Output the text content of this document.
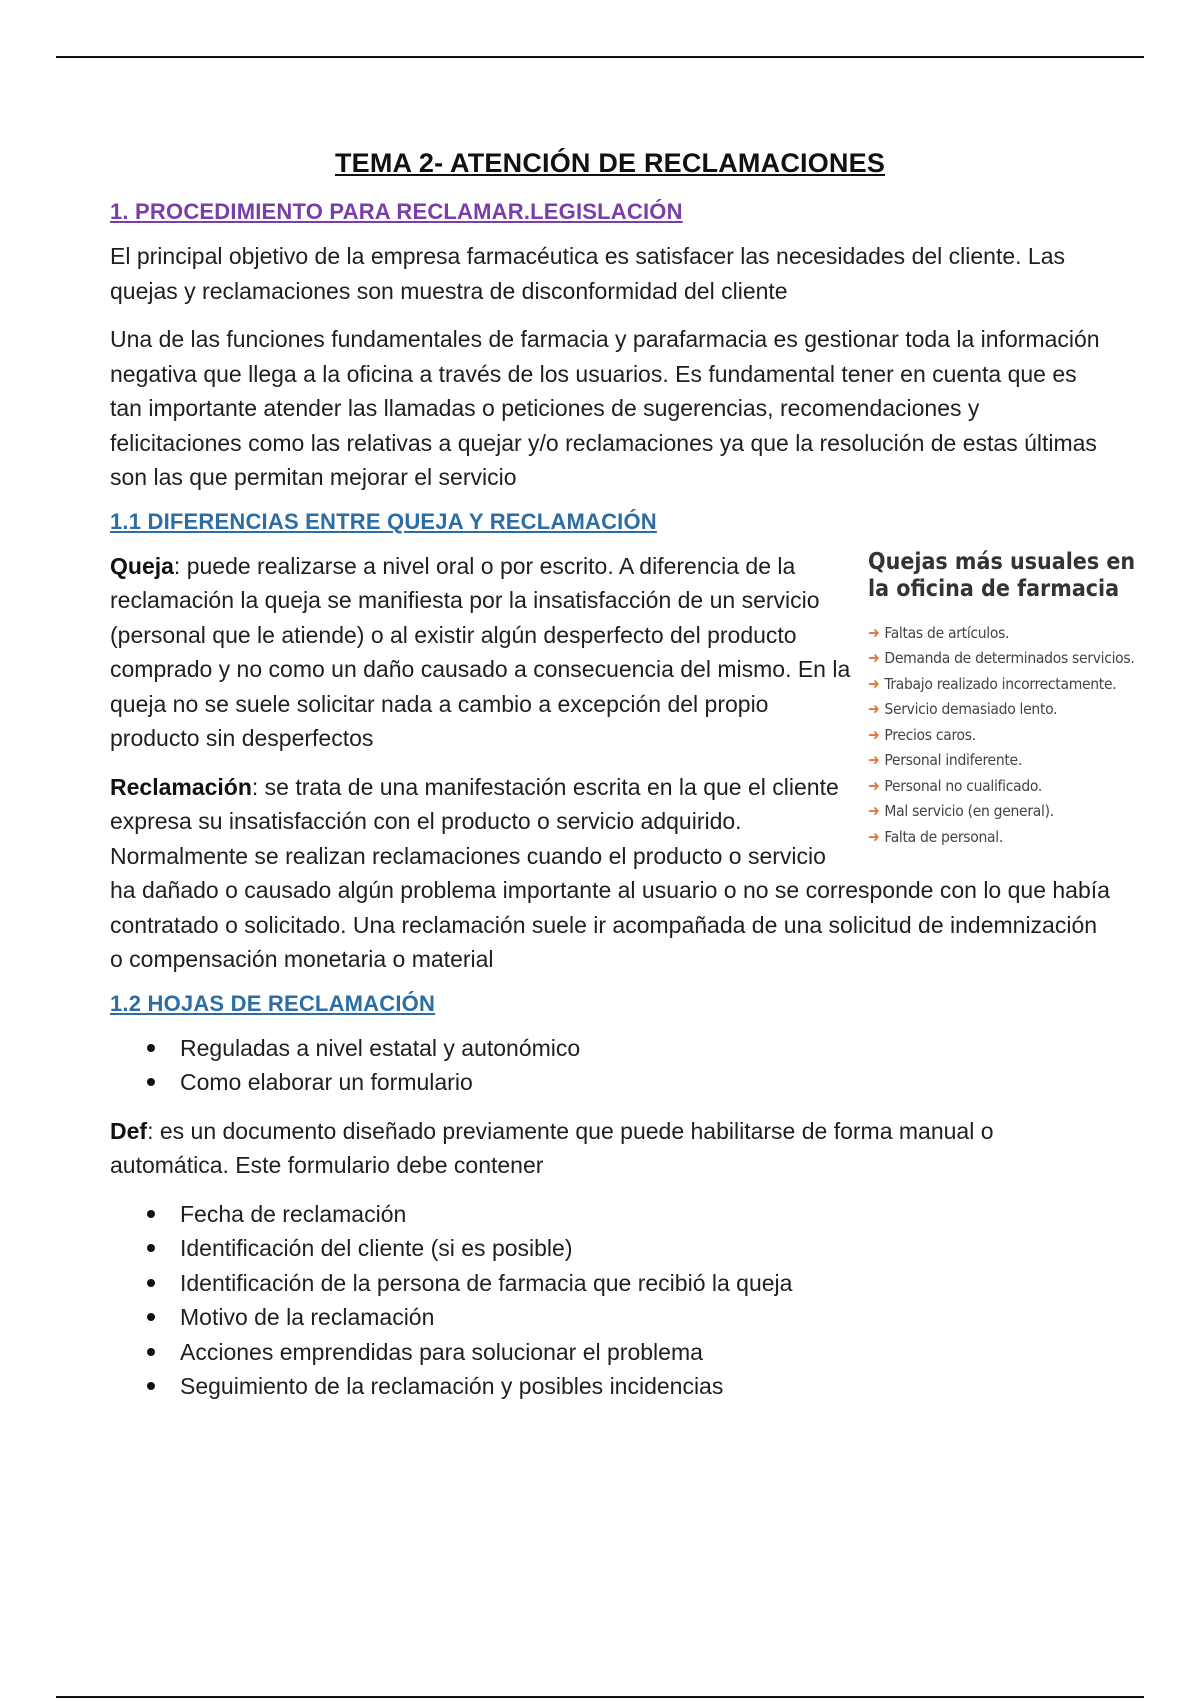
TEMA 2- ATENCIÓN DE RECLAMACIONES
1. PROCEDIMIENTO PARA RECLAMAR.LEGISLACIÓN

El principal objetivo de la empresa farmacéutica es satisfacer las necesidades del cliente. Las quejas y reclamaciones son muestra de disconformidad del cliente

Una de las funciones fundamentales de farmacia y parafarmacia es gestionar toda la información negativa que llega a la oficina a través de los usuarios. Es fundamental tener en cuenta que es tan importante atender las llamadas o peticiones de sugerencias, recomendaciones y felicitaciones como las relativas a quejar y/o reclamaciones ya que la resolución de estas últimas son las que permitan mejorar el servicio

1.1 DIFERENCIAS ENTRE QUEJA Y RECLAMACIÓN
Quejas más usuales en la oficina de farmacia
➜ Faltas de artículos.
➜ Demanda de determinados servicios.
➜ Trabajo realizado incorrectamente.
➜ Servicio demasiado lento.
➜ Precios caros.
➜ Personal indiferente.
➜ Personal no cualificado.
➜ Mal servicio (en general).
➜ Falta de personal.

Queja: puede realizarse a nivel oral o por escrito. A diferencia de la reclamación la queja se manifiesta por la insatisfacción de un servicio (personal que le atiende) o al existir algún desperfecto del producto comprado y no como un daño causado a consecuencia del mismo. En la queja no se suele solicitar nada a cambio a excepción del propio producto sin desperfectos

Reclamación: se trata de una manifestación escrita en la que el cliente expresa su insatisfacción con el producto o servicio adquirido. Normalmente se realizan reclamaciones cuando el producto o servicio ha dañado o causado algún problema importante al usuario o no se corresponde con lo que había contratado o solicitado. Una reclamación suele ir acompañada de una solicitud de indemnización o compensación monetaria o material

1.2 HOJAS DE RECLAMACIÓN
Reguladas a nivel estatal y autonómico
Como elaborar un formulario

Def: es un documento diseñado previamente que puede habilitarse de forma manual o automática. Este formulario debe contener

Fecha de reclamación
Identificación del cliente (si es posible)
Identificación de la persona de farmacia que recibió la queja
Motivo de la reclamación
Acciones emprendidas para solucionar el problema
Seguimiento de la reclamación y posibles incidencias
